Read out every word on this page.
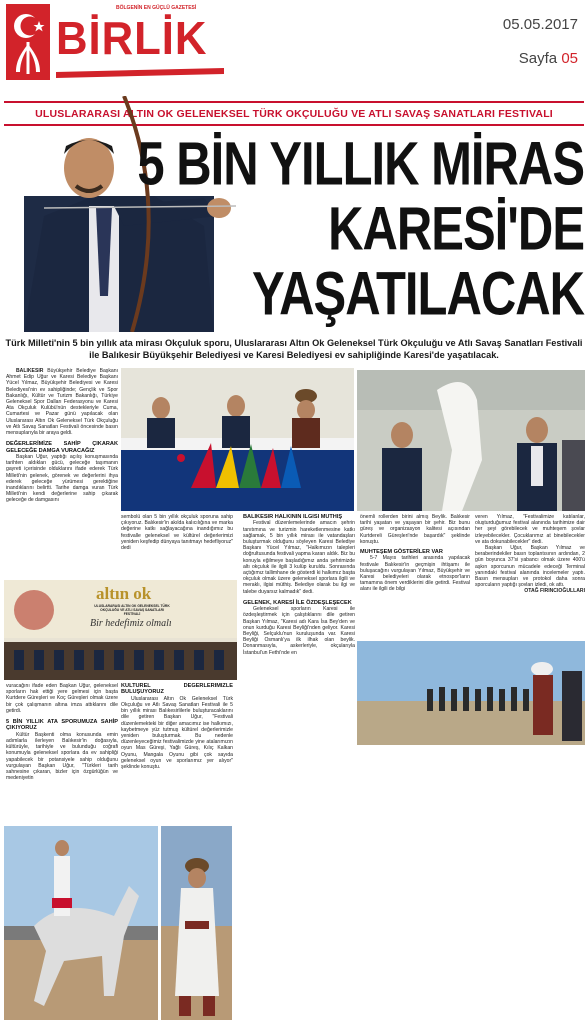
BÖLGENİN EN GÜÇLÜ GAZETESİ
BİRLİK	05.05.2017
Sayfa 05
ULUSLARARASI ALTIN OK GELENEKSEL TÜRK OKÇULUĞU VE ATLI SAVAŞ SANATLARI FESTIVALI
5 BİN YILLIK MİRAS
KARESİ'DE
YAŞATILACAK
Türk Milleti'nin 5 bin yıllık ata mirası Okçuluk sporu, Uluslararası Altın Ok Geleneksel Türk Okçuluğu ve Atlı Savaş Sanatları Festivali ile Balıkesir Büyükşehir Belediyesi ve Karesi Belediyesi ev sahipliğinde Karesi'de yaşatılacak.

BALIKESİR Büyükşehir Belediye Başkanı Ahmet Edip Uğur ve Karesi Belediye Başkanı Yücel Yılmaz, Büyükşehir Belediyesi ve Karesi Belediyesi'nin ev sahipliğinde; Gençlik ve Spor Bakanlığı, Kültür ve Turizm Bakanlığı, Türkiye Geleneksel Spor Dalları Federasyonu ve Karesi Ata Okçuluk Kulübü'nün destekleriyle Cuma, Cumartesi ve Pazar günü yapılacak olan Uluslararası Altın Ok Geleneksel Türk Okçuluğu ve Atlı Savaş Sanatları Festivali öncesinde basın mensuplarıyla bir araya geldi.

DEĞERLERİMİZE SAHİP ÇIKARAK GELECEĞE DAMGA VURACAĞIZ

Başkan Uğur, yaptığı açılış konuşmasında tarihten aldıkları gücü, geleceğe taşımanın gayreti içerisinde olduklarını ifade ederek Türk Milleti'nin gelenek, görenek ve değerlerini ihya ederek geleceğe yürümesi gerektiğine inandıklarını belirtti. Tarihe damga vuran Türk Milleti'nin kendi değerlerine sahip çıkarak geleceğe de damgasını

sembolü olan 5 bin yıllık okçuluk sporuna sahip çıkıyoruz. Balıkesir'in akılda kalıcılığına ve marka değerine katkı sağlayacağına inandığımız bu festivalle geleneksel ve kültürel değerlerimizi yeniden keşfedip dünyaya tanıtmayı hedefliyoruz" dedi

BALIKESİR HALKININ İLGİSİ MÜTHİŞ

Festival düzenlemelerinde amacın şehrin tanıtımına ve turizmin hareketlenmesine katkı sağlamak, 5 bin yıllık mirası ile vatandaşları buluşturmak olduğunu söyleyen Karesi Belediye Başkanı Yücel Yılmaz, "Halkımızın talepleri doğrultusunda festivali yapma kararı aldık. Biz bu konuyla eğilmeye başladığımız anda şehrimizde altı okçuluk ile ilgili 3 kulüp kuruldu. Sonrasında açtığımız tallimhane de gösterdi ki halkımız başta okçuluk olmak üzere geleneksel sporlara ilgili ve meraklı, ilgisi müthiş. Belediye olarak bu ilgi ve talebe duyarsız kalmadık" dedi.

GELENEK, KARESİ İLE ÖZDEŞLEŞECEK

Geleneksel sporların Karesi ile özdeşleştirmek için çalıştıklarını dile getiren Başkan Yılmaz, "Karesi adı Kara İsa Bey'den ve onun kurduğu Karesi Beyliği'nden geliyor. Karesi Beyliği, Selçuklu'nun kuruluşunda var. Karesi Beyliği Osmanlı'ya ilk ilhak olan beylik. Donanmasıyla, askerleriyle, okçularıyla İstanbul'un Fethi'nde en

önemli rollerden birini almış Beylik. Balıkesir tarihi yaşatan ve yaşayan bir şehir. Biz bunu güreş ve organizasyon kalitesi açısından Kurtdereli Güreşleri'nde başardık" şeklinde konuştu.

MUHTEŞEM GÖSTERİLER VAR

5-7 Mayıs tarihleri arasında yapılacak festivale Balıkesir'in geçmişin ihtişamı ile buluşacağını vurgulayan Yılmaz, Büyükşehir ve Karesi belediyeleri olarak etnospor'ların tamamına önem verdiklerini dile getirdi. Festival alanı ile ilgili de bilgi

veren Yılmaz, "Festivalimize katılanlar, oluşturduğumuz festival alanında tarihimize dair her şeyi görebilecek ve muhteşem şovlar izleyebilecekler. Çocuklarımız at binebilecekler ve ata dokunabilecekler" dedi.

Başkan Uğur, Başkan Yılmaz ve beraberindekiler basın toplantısının ardından, 2 gün boyunca 37'si yabancı olmak üzere 400'ü aşkın sporcunun mücadele edeceği Terminal yanındaki festival alanında incelemeler yaptı. Basın mensupları ve protokol daha sonra sporcuların yaptığı şovları izledi, ok attı.

OTAĞ FIRINCIOĞULLARI

altın ok
ULUSLARARASI ALTIN OK GELENEKSEL TÜRK OKÇULUĞU VE ATLI SAVAŞ SANATLARI FESTİVALİ
Bir hedefimiz olmalı

vuracağını ifade eden Başkan Uğur, geleneksel sporların hak ettiği yere gelmesi için başta Kurtdere Güreşleri ve Koç Güreşleri olmak üzere bir çok çalışmanın altına imza attıklarını dile getirdi.

5 BİN YILLIK ATA SPORUMUZA SAHİP ÇIKIYORUZ

Kültür Başkenti olma konusunda emin adımlarla ilerleyen Balıkesir'in doğasıyla, kültürüyle, tarihiyle ve bulunduğu coğrafi konumuyla geleneksel sporlara da ev sahipliği yapabilecek bir potansiyele sahip olduğunu vurgulayan Başkan Uğur, "Türkleri tarih sahnesine çıkaran, bizler için özgürlüğün ve medeniyetin

KÜLTÜREL DEĞERLERİMİZLE BULUŞUYORUZ

Uluslararası Altın Ok Geleneksel Türk Okçuluğu ve Atlı Savaş Sanatları Festivali ile 5 bin yıllık mirası Balıkesirlilerle buluşturacaklarını dile getiren Başkan Uğur, "Festivali düzenlemekteki bir diğer amacımız ise halkımızı, kaybetmeye yüz tutmuş kültürel değerlerimizle yeniden buluşturmak. Bu nedenle düzenleyeceğimiz festivalimizde yine atalarımızın oyun Mas Güreşi, Yağlı Güreş, Kılıç Kalkan Oyunu, Mangala Oyunu gibi çok sayıda geleneksel oyun ve sporlarımız yer alıyor" şeklinde konuştu.
